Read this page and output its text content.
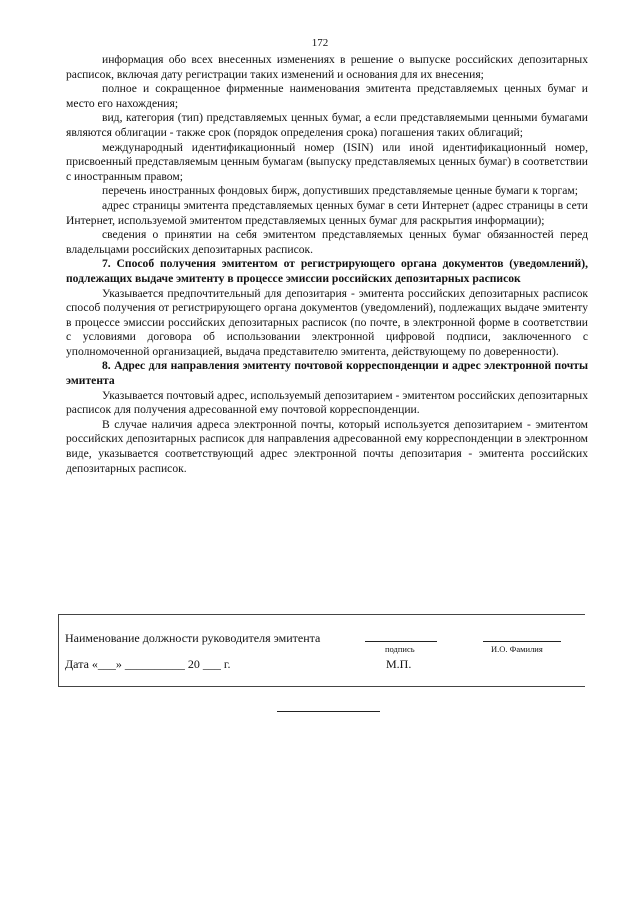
172

информация обо всех внесенных изменениях в решение о выпуске российских депозитарных расписок, включая дату регистрации таких изменений и основания для их внесения;

полное и сокращенное фирменные наименования эмитента представляемых ценных бумаг и место его нахождения;

вид, категория (тип) представляемых ценных бумаг, а если представляемыми ценными бумагами являются облигации - также срок (порядок определения срока) погашения таких облигаций;

международный идентификационный номер (ISIN) или иной идентификационный номер, присвоенный представляемым ценным бумагам (выпуску представляемых ценных бумаг) в соответствии с иностранным правом;

перечень иностранных фондовых бирж, допустивших представляемые ценные бумаги к торгам;

адрес страницы эмитента представляемых ценных бумаг в сети Интернет (адрес страницы в сети Интернет, используемой эмитентом представляемых ценных бумаг для раскрытия информации);

сведения о принятии на себя эмитентом представляемых ценных бумаг обязанностей перед владельцами российских депозитарных расписок.

7. Способ получения эмитентом от регистрирующего органа документов (уведомлений), подлежащих выдаче эмитенту в процессе эмиссии российских депозитарных расписок

Указывается предпочтительный для депозитария - эмитента российских депозитарных расписок способ получения от регистрирующего органа документов (уведомлений), подлежащих выдаче эмитенту в процессе эмиссии российских депозитарных расписок (по почте, в электронной форме в соответствии с условиями договора об использовании электронной цифровой подписи, заключенного с уполномоченной организацией, выдача представителю эмитента, действующему по доверенности).

8. Адрес для направления эмитенту почтовой корреспонденции и адрес электронной почты эмитента

Указывается почтовый адрес, используемый депозитарием - эмитентом российских депозитарных расписок для получения адресованной ему почтовой корреспонденции.

В случае наличия адреса электронной почты, который используется депозитарием - эмитентом российских депозитарных расписок для направления адресованной ему корреспонденции в электронном виде, указывается соответствующий адрес электронной почты депозитария - эмитента российских депозитарных расписок.

Наименование должности руководителя эмитента
подпись	И.О. Фамилия
Дата «___» __________ 20 ___ г.	М.П.
